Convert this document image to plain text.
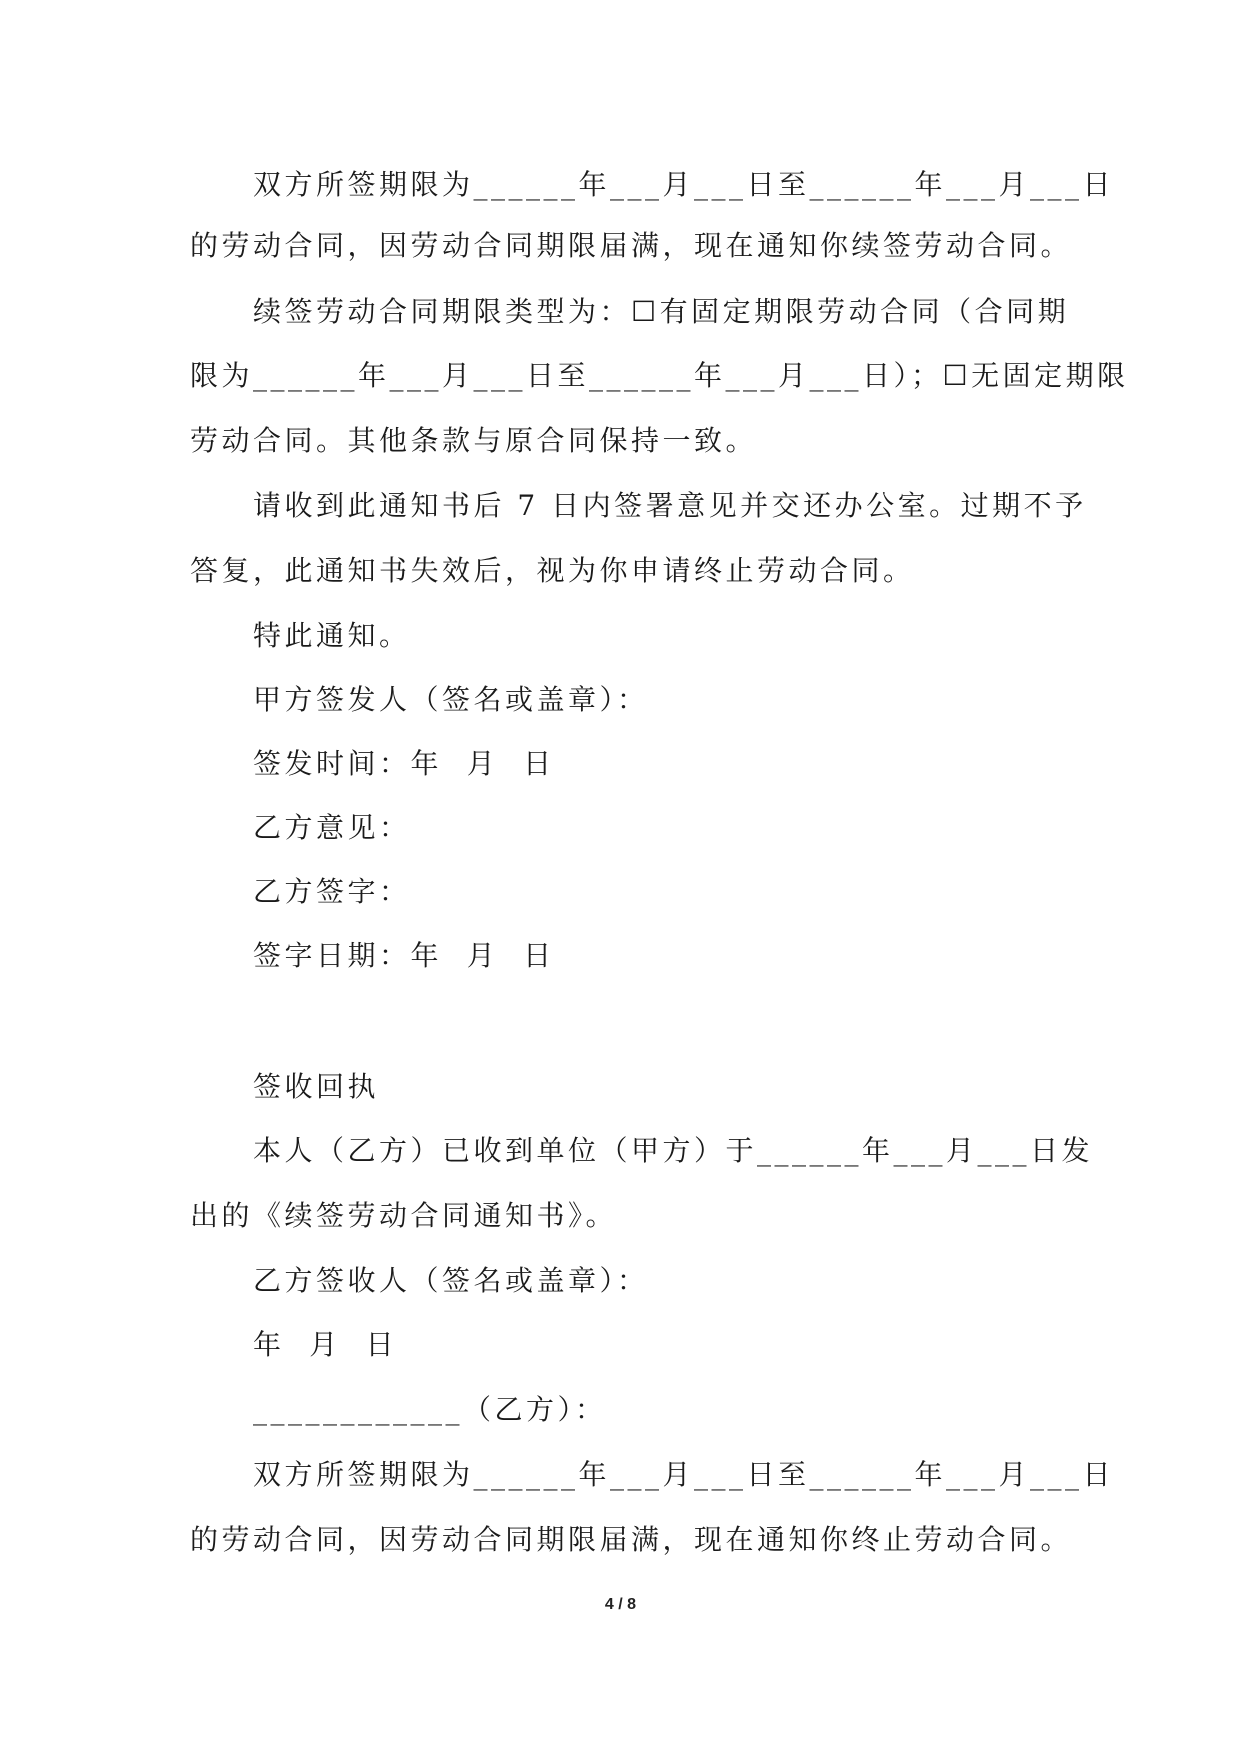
双方所签期限为______年___月___日至______年___月___日
的劳动合同，因劳动合同期限届满，现在通知你续签劳动合同。
续签劳动合同期限类型为：☐有固定期限劳动合同（合同期
限为______年___月___日至______年___月___日）；☐无固定期限
劳动合同。其他条款与原合同保持一致。
请收到此通知书后 7 日内签署意见并交还办公室。过期不予
答复，此通知书失效后，视为你申请终止劳动合同。
特此通知。
甲方签发人（签名或盖章）：
签发时间：年  月  日
乙方意见：
乙方签字：
签字日期：年  月  日
签收回执
本人（乙方）已收到单位（甲方）于______年___月___日发
出的《续签劳动合同通知书》。
乙方签收人（签名或盖章）：
年  月  日
____________（乙方）：
双方所签期限为______年___月___日至______年___月___日
的劳动合同，因劳动合同期限届满，现在通知你终止劳动合同。
4 / 8
